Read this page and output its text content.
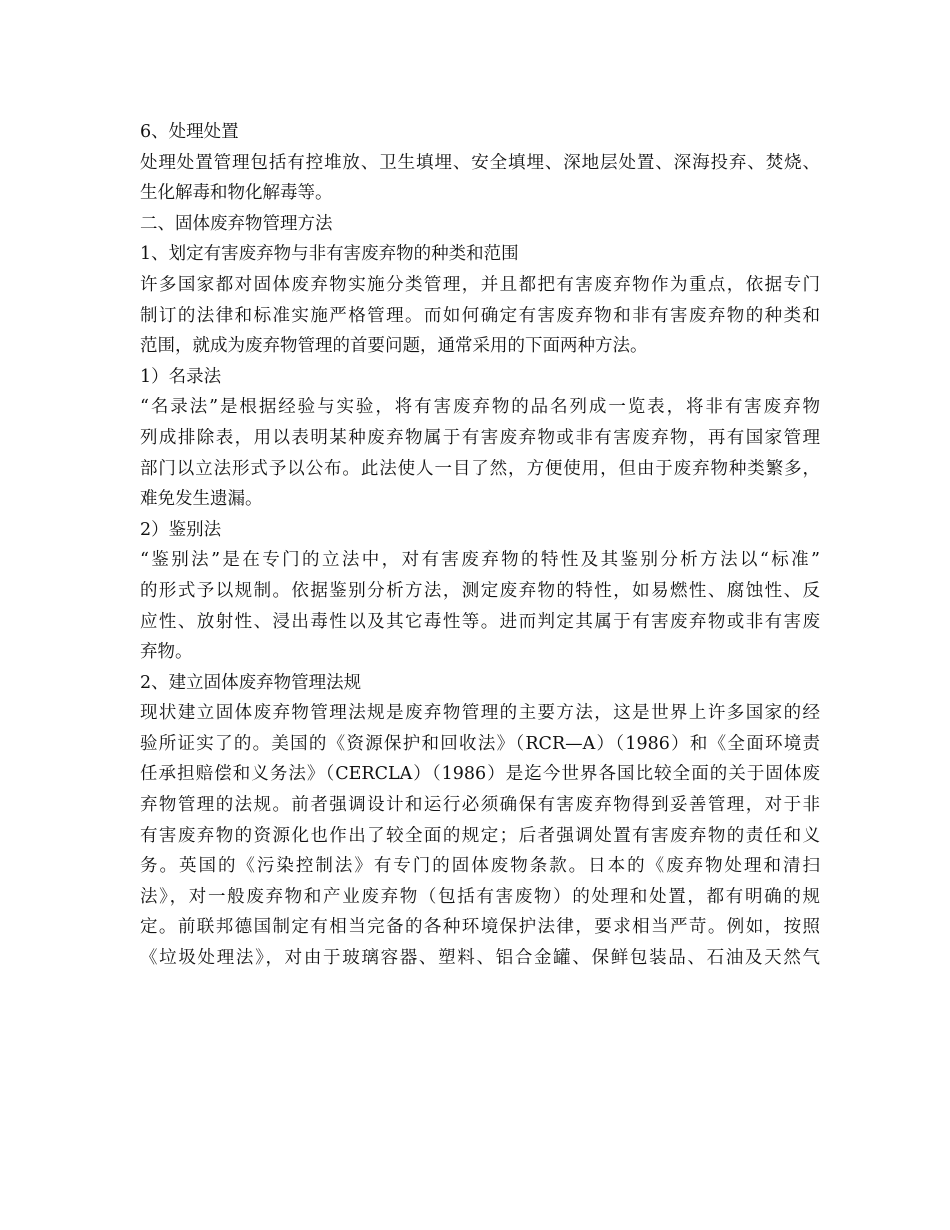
6、处理处置
处理处置管理包括有控堆放、卫生填埋、安全填埋、深地层处置、深海投弃、焚烧、
生化解毒和物化解毒等。
二、固体废弃物管理方法
1、划定有害废弃物与非有害废弃物的种类和范围
许多国家都对固体废弃物实施分类管理，并且都把有害废弃物作为重点，依据专门
制订的法律和标准实施严格管理。而如何确定有害废弃物和非有害废弃物的种类和
范围，就成为废弃物管理的首要问题，通常采用的下面两种方法。
1）名录法
“名录法”是根据经验与实验，将有害废弃物的品名列成一览表，将非有害废弃物
列成排除表，用以表明某种废弃物属于有害废弃物或非有害废弃物，再有国家管理
部门以立法形式予以公布。此法使人一目了然，方便使用，但由于废弃物种类繁多，
难免发生遗漏。
2）鉴别法
“鉴别法”是在专门的立法中，对有害废弃物的特性及其鉴别分析方法以“标准”
的形式予以规制。依据鉴别分析方法，测定废弃物的特性，如易燃性、腐蚀性、反
应性、放射性、浸出毒性以及其它毒性等。进而判定其属于有害废弃物或非有害废
弃物。
2、建立固体废弃物管理法规
现状建立固体废弃物管理法规是废弃物管理的主要方法，这是世界上许多国家的经
验所证实了的。美国的《资源保护和回收法》（RCR—A）（1986）和《全面环境责
任承担赔偿和义务法》（CERCLA）（1986）是迄今世界各国比较全面的关于固体废
弃物管理的法规。前者强调设计和运行必须确保有害废弃物得到妥善管理，对于非
有害废弃物的资源化也作出了较全面的规定；后者强调处置有害废弃物的责任和义
务。英国的《污染控制法》有专门的固体废物条款。日本的《废弃物处理和清扫
法》，对一般废弃物和产业废弃物（包括有害废物）的处理和处置，都有明确的规
定。前联邦德国制定有相当完备的各种环境保护法律，要求相当严苛。例如，按照
《垃圾处理法》，对由于玻璃容器、塑料、铝合金罐、保鲜包装品、石油及天然气
